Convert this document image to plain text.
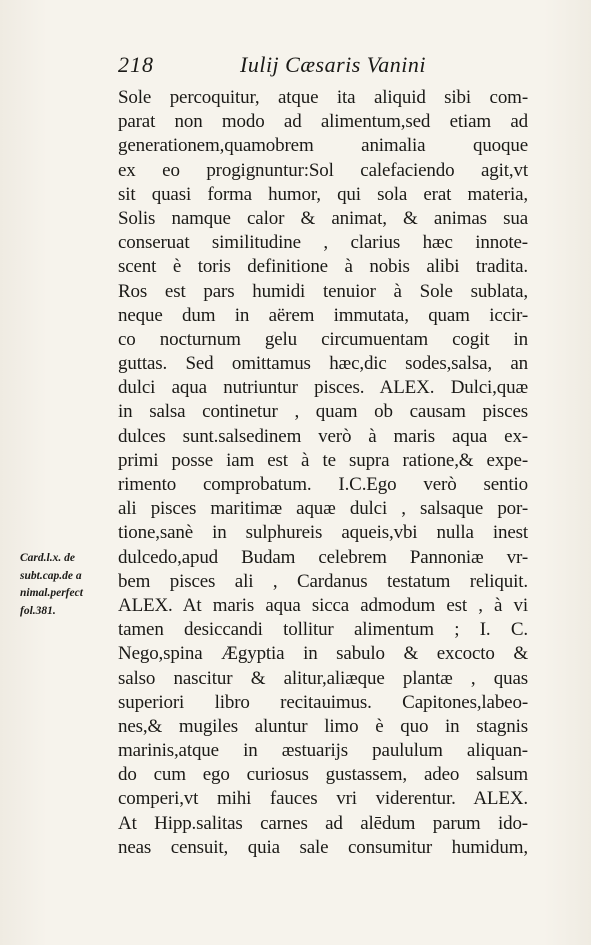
218	Iulij Cæsaris Vanini
Card.l.x. de
subt.cap.de a
nimal.perfect
fol.381.
Sole percoquitur, atque ita aliquid sibi com-
parat non modo ad alimentum,sed etiam ad
generationem,quamobrem animalia quoque
ex eo progignuntur:Sol calefaciendo agit,vt
sit quasi forma humor, qui sola erat materia,
Solis namque calor & animat, & animas sua
conseruat similitudine , clarius hæc innote-
scent è toris definitione à nobis alibi tradita.
Ros est pars humidi tenuior à Sole sublata,
neque dum in aërem immutata, quam iccir-
co nocturnum gelu circumuentam cogit in
guttas. Sed omittamus hæc,dic sodes,salsa, an
dulci aqua nutriuntur pisces. ALEX. Dulci,quæ
in salsa continetur , quam ob causam pisces
dulces sunt.salsedinem verò à maris aqua ex-
primi posse iam est à te supra ratione,& expe-
rimento comprobatum. I.C.Ego verò sentio
ali pisces maritimæ aquæ dulci , salsaque por-
tione,sanè in sulphureis aqueis,vbi nulla inest
dulcedo,apud Budam celebrem Pannoniæ vr-
bem pisces ali , Cardanus testatum reliquit.
ALEX. At maris aqua sicca admodum est , à vi
tamen desiccandi tollitur alimentum ; I. C.
Nego,spina Ægyptia in sabulo & excocto &
salso nascitur & alitur,aliæque plantæ , quas
superiori libro recitauimus. Capitones,labeo-
nes,& mugiles aluntur limo è quo in stagnis
marinis,atque in æstuarijs paululum aliquan-
do cum ego curiosus gustassem, adeo salsum
comperi,vt mihi fauces vri viderentur. ALEX.
At Hipp.salitas carnes ad alēdum parum ido-
neas censuit, quia sale consumitur humidum,
